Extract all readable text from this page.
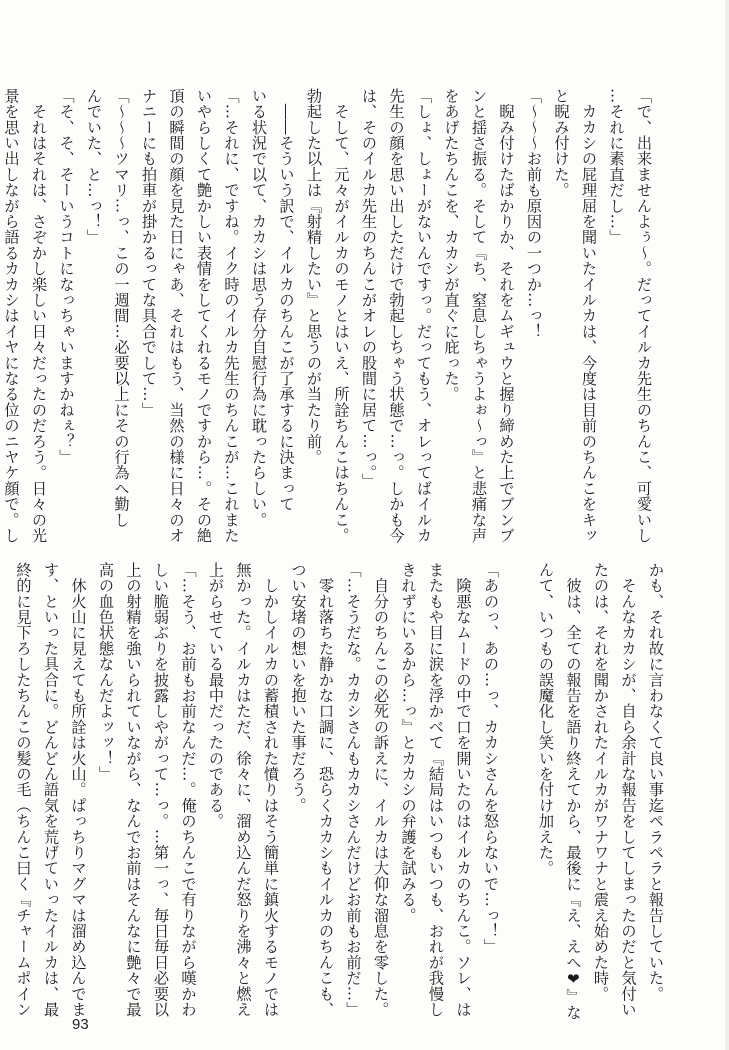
「で、出来ませんよぅ〜。だってイルカ先生のちんこ、可愛いし
…それに素直だし…」
　カカシの屁理屈を聞いたイルカは、今度は目前のちんこをキッ
と睨み付けた。
「〜〜〜お前も原因の一つか…っ！
　睨み付けたばかりか、それをムギュウと握り締めた上でブンブ
ンと揺さ振る。そして『ち、窒息しちゃうよぉ〜っ』と悲痛な声
をあげたちんこを、カカシが直ぐに庇った。
「しょ、しょーがないんですっ。だってもう、オレってばイルカ
先生の顔を思い出しただけで勃起しちゃう状態で…っ。しかも今
は、そのイルカ先生のちんこがオレの股間に居て…っ。」
　そして、元々がイルカのモノとはいえ、所詮ちんこはちんこ。
勃起した以上は『射精したい』と思うのが当たり前。
　――そういう訳で、イルカのちんこが了承するに決まって
いる状況で以て、カカシは思う存分自慰行為に耽ったらしい。
「…それに、ですね。イク時のイルカ先生のちんこが…これまた
いやらしくて艶かしい表情をしてくれるモノですから…。その絶
頂の瞬間の顔を見た日にゃあ、それはもう、当然の様に日々のオ
ナニーにも拍車が掛かるってな具合でして…」
「〜〜〜ツマリ…っ、この一週間…必要以上にその行為へ勤し
んでいた、と…っ！」
「そ、そ、そーいうコトになっちゃいますかねぇ？」
　それはそれは、さぞかし楽しい日々だったのだろう。日々の光
景を思い出しながら語るカカシはイヤになる位のニヤケ顔で。し
かも、それ故に言わなくて良い事迄ペラペラと報告していた。
　そんなカカシが、自ら余計な報告をしてしまったのだと気付い
たのは、それを聞かされたイルカがワナワナと震え始めた時。
　彼は、全ての報告を語り終えてから、最後に『え、えへ❤』な
んて、いつもの誤魔化し笑いを付け加えた。

「あのっ、あの…っ、カカシさんを怒らないで…っ！」
　険悪なムードの中で口を開いたのはイルカのちんこ。ソレ、は
またもや目に涙を浮かべて『結局はいつもいつも、おれが我慢し
きれずにいるから…っ』とカカシの弁護を試みる。
　自分のちんこの必死の訴えに、イルカは大仰な溜息を零した。
「…そうだな。カカシさんもカカシさんだけどお前もお前だ…」
　零れ落ちた静かな口調に、恐らくカカシもイルカのちんこも、
つい安堵の想いを抱いた事だろう。
　しかしイルカの蓄積された憤りはそう簡単に鎮火するモノでは
無かった。イルカはただ、徐々に、溜め込んだ怒りを沸々と燃え
上がらせている最中だったのである。
「…そう、お前もお前なんだ…。俺のちんこで有りながら嘆かわ
しい脆弱ぶりを披露しやがって…っ。…第一っ、毎日毎日必要以
上の射精を強いられていながら、なんでお前はそんなに艶々で最
高の血色状態なんだよッッ！」
　休火山に見えても所詮は火山。ぱっちりマグマは溜め込んでま
す、といった具合に。どんどん語気を荒げていったイルカは、最
終的に見下ろしたちんこの髪の毛（ちんこ曰く『チャームポイン
93
